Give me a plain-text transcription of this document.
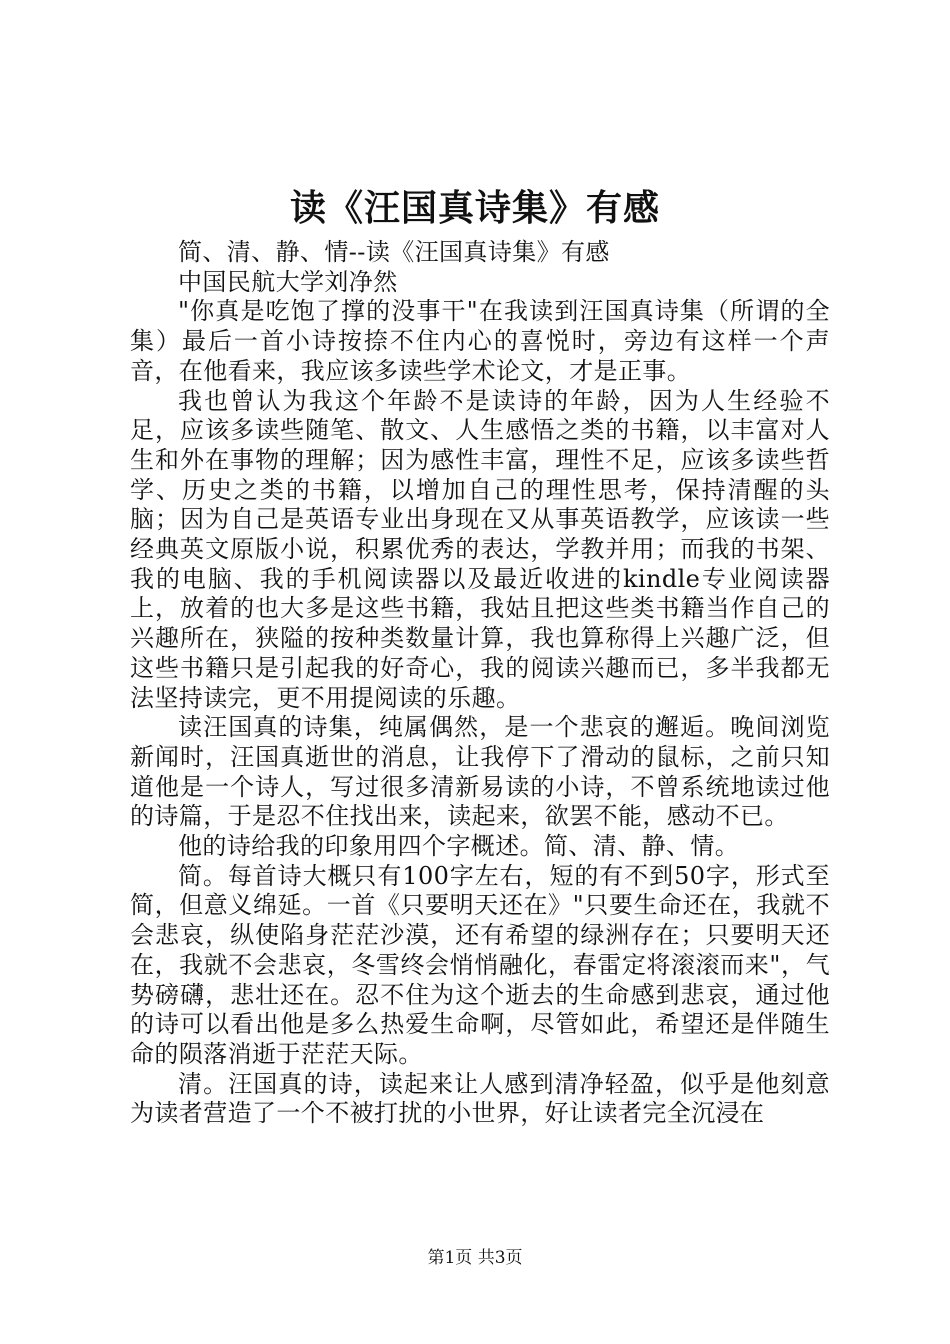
读《汪国真诗集》有感

简、清、静、情--读《汪国真诗集》有感

中国民航大学刘净然

"你真是吃饱了撑的没事干"在我读到汪国真诗集（所谓的全集）最后一首小诗按捺不住内心的喜悦时，旁边有这样一个声音，在他看来，我应该多读些学术论文，才是正事。

我也曾认为我这个年龄不是读诗的年龄，因为人生经验不足，应该多读些随笔、散文、人生感悟之类的书籍，以丰富对人生和外在事物的理解；因为感性丰富，理性不足，应该多读些哲学、历史之类的书籍，以增加自己的理性思考，保持清醒的头脑；因为自己是英语专业出身现在又从事英语教学，应该读一些经典英文原版小说，积累优秀的表达，学教并用；而我的书架、我的电脑、我的手机阅读器以及最近收进的kindle专业阅读器上，放着的也大多是这些书籍，我姑且把这些类书籍当作自己的兴趣所在，狭隘的按种类数量计算，我也算称得上兴趣广泛，但这些书籍只是引起我的好奇心，我的阅读兴趣而已，多半我都无法坚持读完，更不用提阅读的乐趣。

读汪国真的诗集，纯属偶然，是一个悲哀的邂逅。晚间浏览新闻时，汪国真逝世的消息，让我停下了滑动的鼠标，之前只知道他是一个诗人，写过很多清新易读的小诗，不曾系统地读过他的诗篇，于是忍不住找出来，读起来，欲罢不能，感动不已。

他的诗给我的印象用四个字概述。简、清、静、情。

简。每首诗大概只有100字左右，短的有不到50字，形式至简，但意义绵延。一首《只要明天还在》"只要生命还在，我就不会悲哀，纵使陷身茫茫沙漠，还有希望的绿洲存在；只要明天还在，我就不会悲哀，冬雪终会悄悄融化，春雷定将滚滚而来"，气势磅礴，悲壮还在。忍不住为这个逝去的生命感到悲哀，通过他的诗可以看出他是多么热爱生命啊，尽管如此，希望还是伴随生命的陨落消逝于茫茫天际。

清。汪国真的诗，读起来让人感到清净轻盈，似乎是他刻意为读者营造了一个不被打扰的小世界，好让读者完全沉浸在

第1页 共3页
